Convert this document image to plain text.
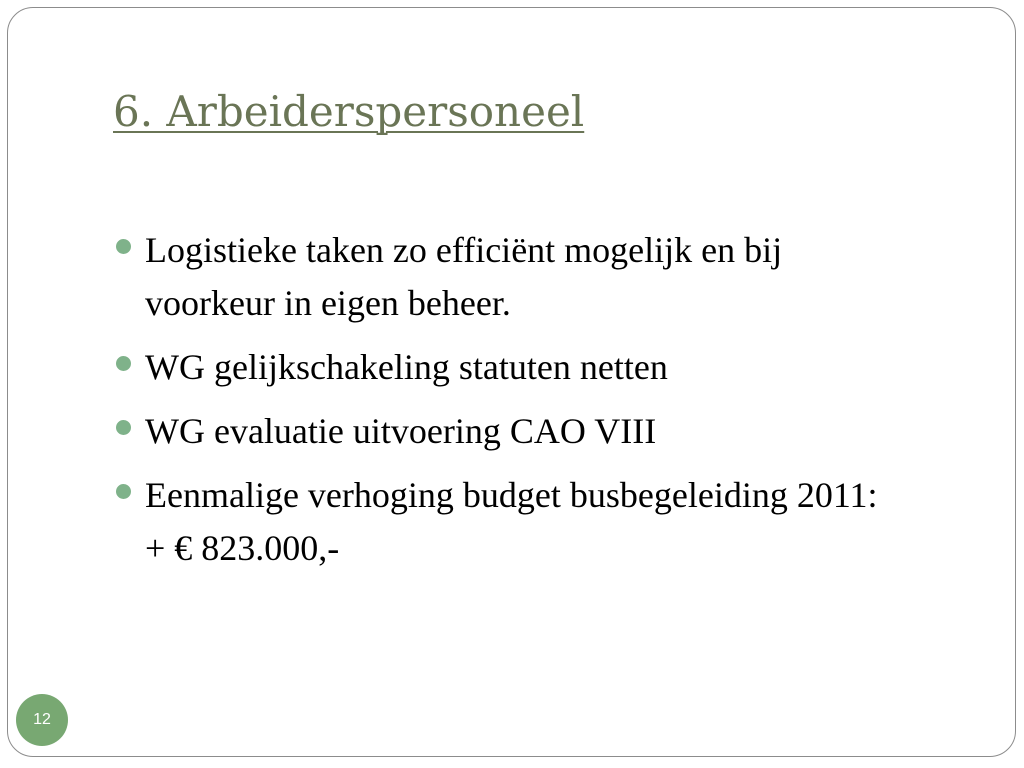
6. Arbeiderspersoneel
Logistieke taken zo efficiënt mogelijk en bij voorkeur in eigen beheer.
WG gelijkschakeling statuten netten
WG evaluatie uitvoering CAO VIII
Eenmalige verhoging budget busbegeleiding 2011: + € 823.000,-
12
